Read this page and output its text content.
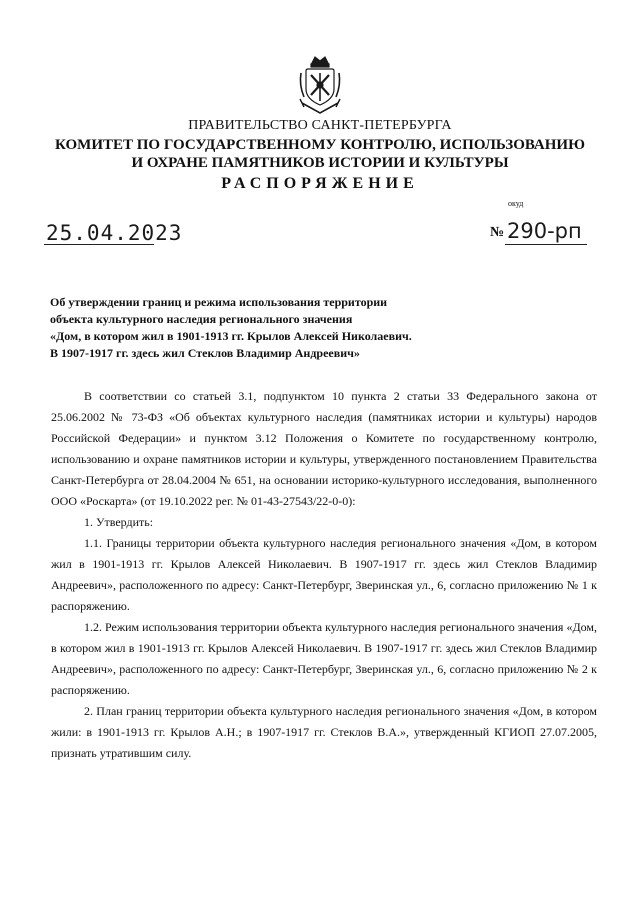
ПРАВИТЕЛЬСТВО САНКТ-ПЕТЕРБУРГА
КОМИТЕТ ПО ГОСУДАРСТВЕННОМУ КОНТРОЛЮ, ИСПОЛЬЗОВАНИЮ
И ОХРАНЕ ПАМЯТНИКОВ ИСТОРИИ И КУЛЬТУРЫ
РАСПОРЯЖЕНИЕ
окуд
25.04.2023	№ 290-рп
Об утверждении границ и режима использования территории
объекта культурного наследия регионального значения
«Дом, в котором жил в 1901-1913 гг. Крылов Алексей Николаевич.
В 1907-1917 гг. здесь жил Стеклов Владимир Андреевич»

В соответствии со статьей 3.1, подпунктом 10 пункта 2 статьи 33 Федерального закона от 25.06.2002 № 73-ФЗ «Об объектах культурного наследия (памятниках истории и культуры) народов Российской Федерации» и пунктом 3.12 Положения о Комитете по государственному контролю, использованию и охране памятников истории и культуры, утвержденного постановлением Правительства Санкт-Петербурга от 28.04.2004 № 651, на основании историко-культурного исследования, выполненного ООО «Роскарта» (от 19.10.2022 рег. № 01-43-27543/22-0-0):

1. Утвердить:

1.1. Границы территории объекта культурного наследия регионального значения «Дом, в котором жил в 1901-1913 гг. Крылов Алексей Николаевич. В 1907-1917 гг. здесь жил Стеклов Владимир Андреевич», расположенного по адресу: Санкт-Петербург, Зверинская ул., 6, согласно приложению № 1 к распоряжению.

1.2. Режим использования территории объекта культурного наследия регионального значения «Дом, в котором жил в 1901-1913 гг. Крылов Алексей Николаевич. В 1907-1917 гг. здесь жил Стеклов Владимир Андреевич», расположенного по адресу: Санкт-Петербург, Зверинская ул., 6, согласно приложению № 2 к распоряжению.

2. План границ территории объекта культурного наследия регионального значения «Дом, в котором жили: в 1901-1913 гг. Крылов А.Н.; в 1907-1917 гг. Стеклов В.А.», утвержденный КГИОП 27.07.2005, признать утратившим силу.
